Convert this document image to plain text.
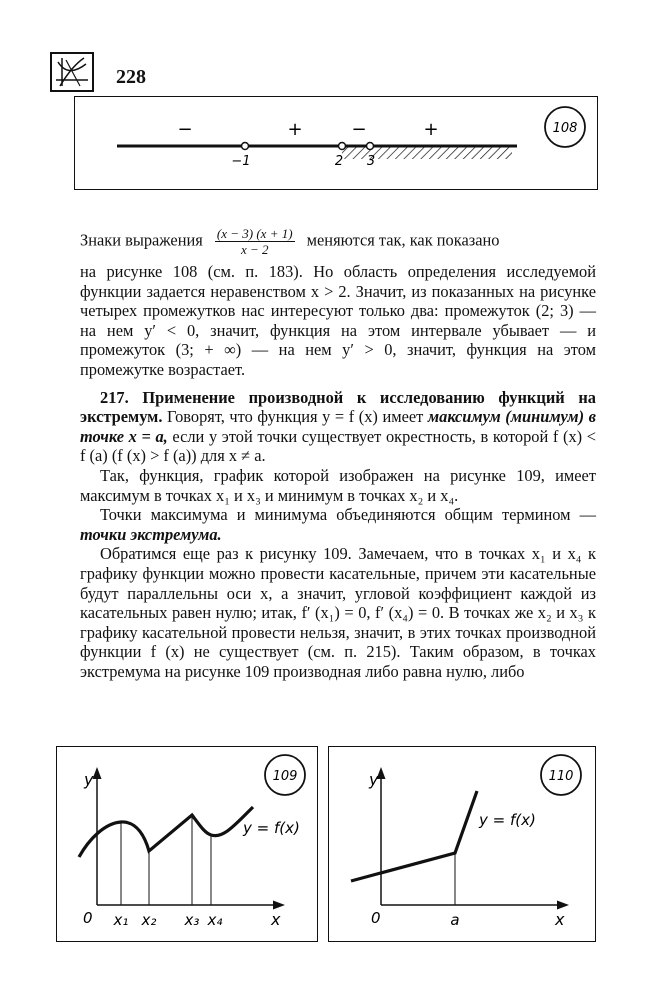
228
−	+	−	+
−1	2 3
108
Знаки выражения $\frac{(x - 3) (x + 1)}{x - 2}$ меняются так, как показано

на рисунке 108 (см. п. 183). Но область определения исследуемой функции задается неравенством x > 2. Значит, из показанных на рисунке четырех промежутков нас интересуют только два: промежуток (2; 3) — на нем y′ < 0, значит, функция на этом интервале убывает — и промежуток (3; + ∞) — на нем y′ > 0, значит, функция на этом промежутке возрастает.

217. Применение производной к исследованию функций на экстремум. Говорят, что функция y = f (x) имеет максимум (минимум) в точке x = a, если у этой точки существует окрестность, в которой f (x) < f (a) (f (x) > f (a)) для x ≠ a.

Так, функция, график которой изображен на рисунке 109, имеет максимум в точках x₁ и x₃ и минимум в точках x₂ и x₄.

Точки максимума и минимума объединяются общим термином — точки экстремума.

Обратимся еще раз к рисунку 109. Замечаем, что в точках x₁ и x₄ к графику функции можно провести касательные, причем эти касательные будут параллельны оси x, а значит, угловой коэффициент каждой из касательных равен нулю; итак, f′ (x₁) = 0, f′ (x₄) = 0. В точках же x₂ и x₃ к графику касательной провести нельзя, значит, в этих точках производной функции f (x) не существует (см. п. 215). Таким образом, в точках экстремума на рисунке 109 производная либо равна нулю, либо

y
x
0 x₁ x₂ x₃ x₄
y = f(x)
109	y
x
0	a
y = f(x)
110
